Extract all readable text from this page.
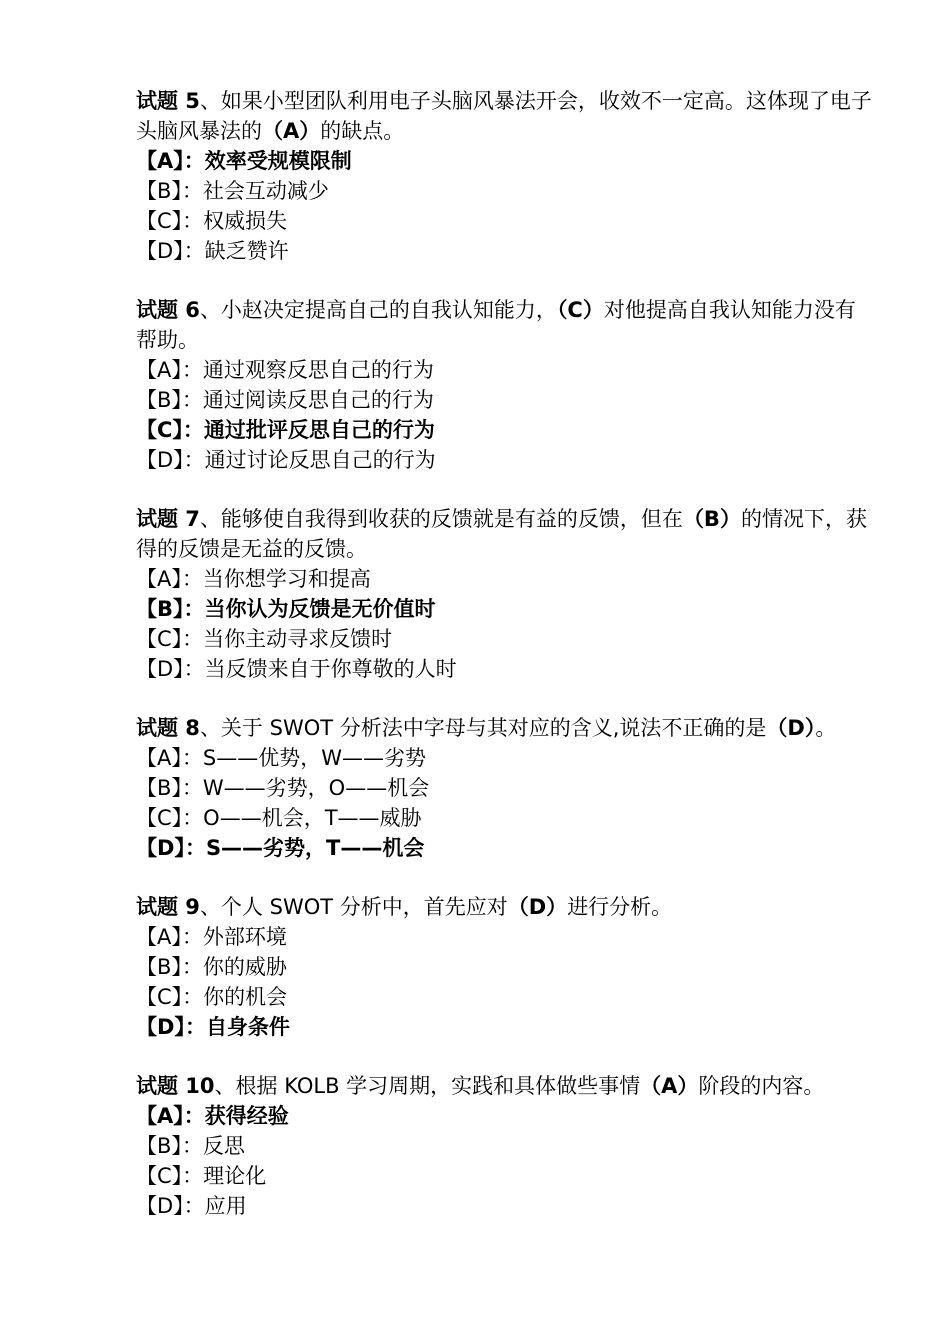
试题 5、如果小型团队利用电子头脑风暴法开会，收效不一定高。这体现了电子头脑风暴法的（A）的缺点。

【A】：效率受规模限制

【B】：社会互动减少

【C】：权威损失

【D】：缺乏赞许

试题 6、小赵决定提高自己的自我认知能力，（C）对他提高自我认知能力没有帮助。

【A】：通过观察反思自己的行为

【B】：通过阅读反思自己的行为

【C】：通过批评反思自己的行为

【D】：通过讨论反思自己的行为

试题 7、能够使自我得到收获的反馈就是有益的反馈，但在（B）的情况下，获得的反馈是无益的反馈。

【A】：当你想学习和提高

【B】：当你认为反馈是无价值时

【C】：当你主动寻求反馈时

【D】：当反馈来自于你尊敬的人时

试题 8、关于 SWOT 分析法中字母与其对应的含义,说法不正确的是（D）。

【A】：S——优势，W——劣势

【B】：W——劣势，O——机会

【C】：O——机会，T——威胁

【D】：S——劣势，T——机会

试题 9、个人 SWOT 分析中，首先应对（D）进行分析。

【A】：外部环境

【B】：你的威胁

【C】：你的机会

【D】：自身条件

试题 10、根据 KOLB 学习周期，实践和具体做些事情（A）阶段的内容。

【A】：获得经验

【B】：反思

【C】：理论化

【D】：应用
